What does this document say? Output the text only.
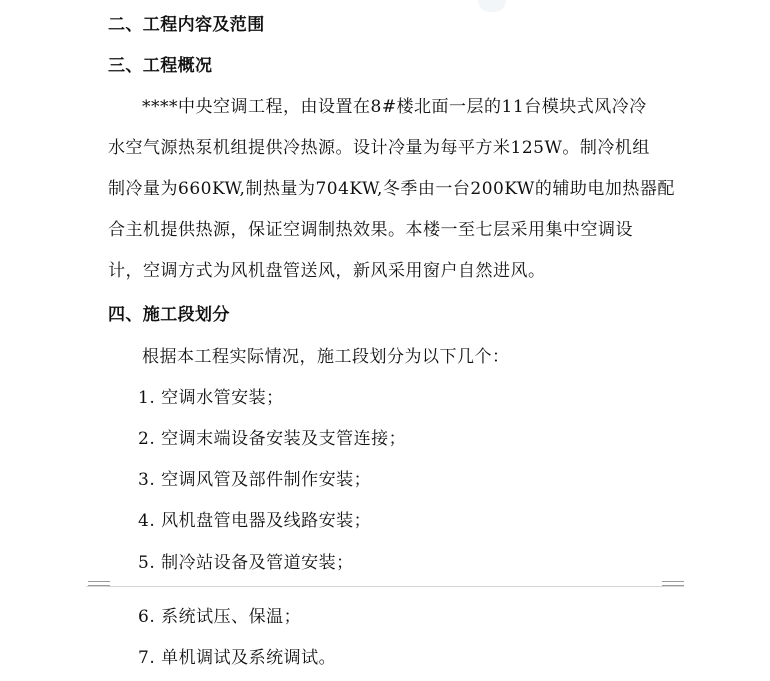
二、工程内容及范围
三、工程概况
****中央空调工程，由设置在8#楼北面一层的11台模块式风冷冷
水空气源热泵机组提供冷热源。设计冷量为每平方米125W。制冷机组
制冷量为660KW,制热量为704KW,冬季由一台200KW的辅助电加热器配
合主机提供热源，保证空调制热效果。本楼一至七层采用集中空调设
计，空调方式为风机盘管送风，新风采用窗户自然进风。
四、施工段划分
根据本工程实际情况，施工段划分为以下几个：
1. 空调水管安装；
2. 空调末端设备安装及支管连接；
3. 空调风管及部件制作安装；
4. 风机盘管电器及线路安装；
5. 制冷站设备及管道安装；
6. 系统试压、保温；
7. 单机调试及系统调试。
